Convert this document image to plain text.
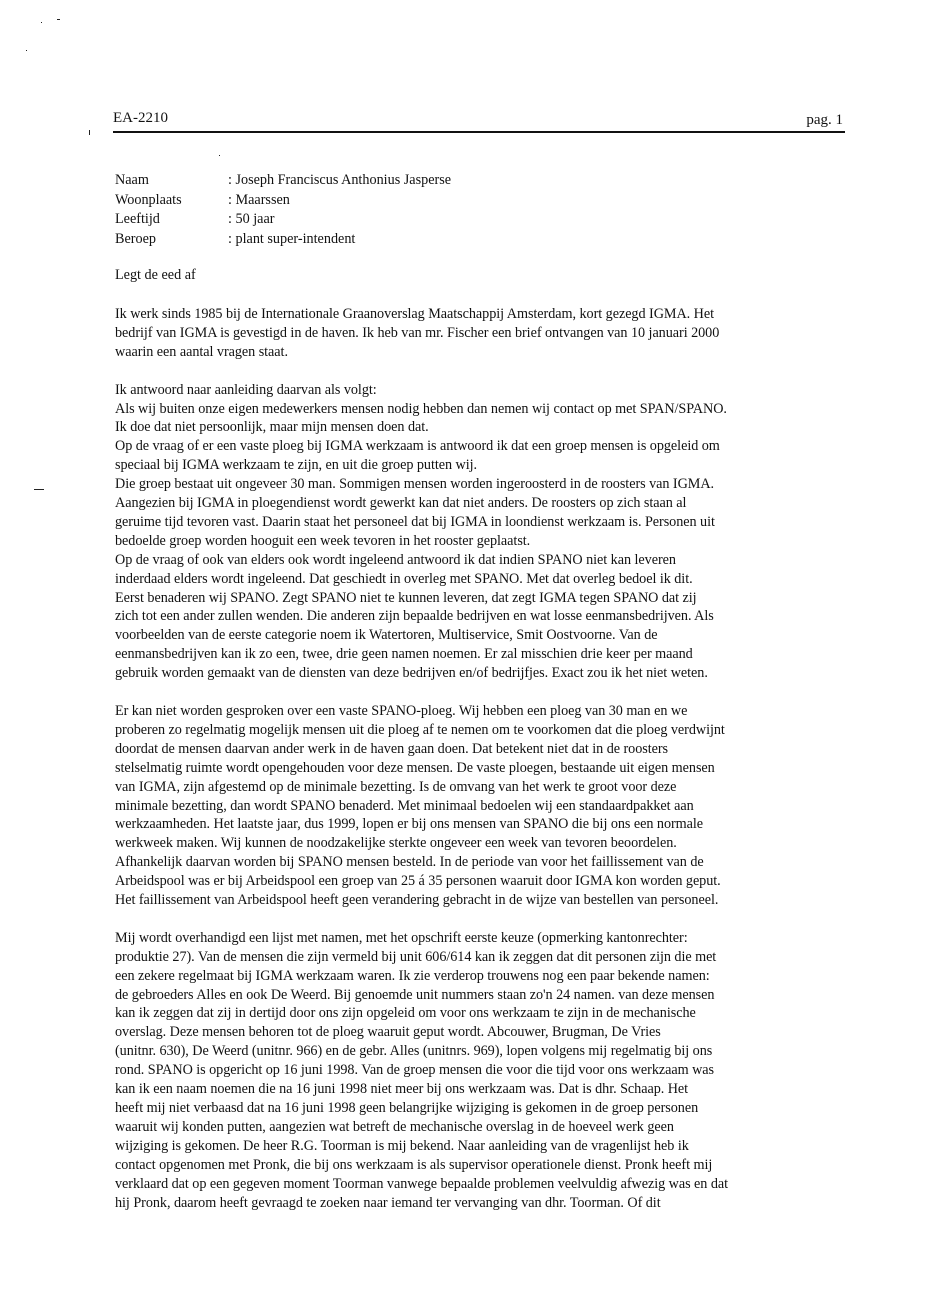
EA-2210	pag. 1
Naam	: Joseph Franciscus Anthonius Jasperse
Woonplaats	: Maarssen
Leeftijd	: 50 jaar
Beroep	: plant super-intendent
Legt de eed af
Ik werk sinds 1985 bij de Internationale Graanoverslag Maatschappij Amsterdam, kort gezegd IGMA. Het
bedrijf van IGMA is gevestigd in de haven. Ik heb van mr. Fischer een brief ontvangen van 10 januari 2000
waarin een aantal vragen staat.
Ik antwoord naar aanleiding daarvan als volgt:
Als wij buiten onze eigen medewerkers mensen nodig hebben dan nemen wij contact op met SPAN/SPANO.
Ik doe dat niet persoonlijk, maar mijn mensen doen dat.
Op de vraag of er een vaste ploeg bij IGMA werkzaam is antwoord ik dat een groep mensen is opgeleid om
speciaal bij IGMA werkzaam te zijn, en uit die groep putten wij.
Die groep bestaat uit ongeveer 30 man. Sommigen mensen worden ingeroosterd in de roosters van IGMA.
Aangezien bij IGMA in ploegendienst wordt gewerkt kan dat niet anders. De roosters op zich staan al
geruime tijd tevoren vast. Daarin staat het personeel dat bij IGMA in loondienst werkzaam is. Personen uit
bedoelde groep worden hooguit een week tevoren in het rooster geplaatst.
Op de vraag of ook van elders ook wordt ingeleend antwoord ik dat indien SPANO niet kan leveren
inderdaad elders wordt ingeleend. Dat geschiedt in overleg met SPANO. Met dat overleg bedoel ik dit.
Eerst benaderen wij SPANO. Zegt SPANO niet te kunnen leveren, dat zegt IGMA tegen SPANO dat zij
zich tot een ander zullen wenden. Die anderen zijn bepaalde bedrijven en wat losse eenmansbedrijven. Als
voorbeelden van de eerste categorie noem ik Watertoren, Multiservice, Smit Oostvoorne. Van de
eenmansbedrijven kan ik zo een, twee, drie geen namen noemen. Er zal misschien drie keer per maand
gebruik worden gemaakt van de diensten van deze bedrijven en/of bedrijfjes. Exact zou ik het niet weten.
Er kan niet worden gesproken over een vaste SPANO-ploeg. Wij hebben een ploeg van 30 man en we
proberen zo regelmatig mogelijk mensen uit die ploeg af te nemen om te voorkomen dat die ploeg verdwijnt
doordat de mensen daarvan ander werk in de haven gaan doen. Dat betekent niet dat in de roosters
stelselmatig ruimte wordt opengehouden voor deze mensen. De vaste ploegen, bestaande uit eigen mensen
van IGMA, zijn afgestemd op de minimale bezetting. Is de omvang van het werk te groot voor deze
minimale bezetting, dan wordt SPANO benaderd. Met minimaal bedoelen wij een standaardpakket aan
werkzaamheden. Het laatste jaar, dus 1999, lopen er bij ons mensen van SPANO die bij ons een normale
werkweek maken. Wij kunnen de noodzakelijke sterkte ongeveer een week van tevoren beoordelen.
Afhankelijk daarvan worden bij SPANO mensen besteld. In de periode van voor het faillissement van de
Arbeidspool was er bij Arbeidspool een groep van 25 á 35 personen waaruit door IGMA kon worden geput.
Het faillissement van Arbeidspool heeft geen verandering gebracht in de wijze van bestellen van personeel.
Mij wordt overhandigd een lijst met namen, met het opschrift eerste keuze (opmerking kantonrechter:
produktie 27). Van de mensen die zijn vermeld bij unit 606/614 kan ik zeggen dat dit personen zijn die met
een zekere regelmaat bij IGMA werkzaam waren. Ik zie verderop trouwens nog een paar bekende namen:
de gebroeders Alles en ook De Weerd. Bij genoemde unit nummers staan zo'n 24 namen. van deze mensen
kan ik zeggen dat zij in dertijd door ons zijn opgeleid om voor ons werkzaam te zijn in de mechanische
overslag. Deze mensen behoren tot de ploeg waaruit geput wordt. Abcouwer, Brugman, De Vries
(unitnr. 630), De Weerd (unitnr. 966) en de gebr. Alles (unitnrs. 969), lopen volgens mij regelmatig bij ons
rond. SPANO is opgericht op 16 juni 1998. Van de groep mensen die voor die tijd voor ons werkzaam was
kan ik een naam noemen die na 16 juni 1998 niet meer bij ons werkzaam was. Dat is dhr. Schaap. Het
heeft mij niet verbaasd dat na 16 juni 1998 geen belangrijke wijziging is gekomen in de groep personen
waaruit wij konden putten, aangezien wat betreft de mechanische overslag in de hoeveel werk geen
wijziging is gekomen. De heer R.G. Toorman is mij bekend. Naar aanleiding van de vragenlijst heb ik
contact opgenomen met Pronk, die bij ons werkzaam is als supervisor operationele dienst. Pronk heeft mij
verklaard dat op een gegeven moment Toorman vanwege bepaalde problemen veelvuldig afwezig was en dat
hij Pronk, daarom heeft gevraagd te zoeken naar iemand ter vervanging van dhr. Toorman. Of dit
